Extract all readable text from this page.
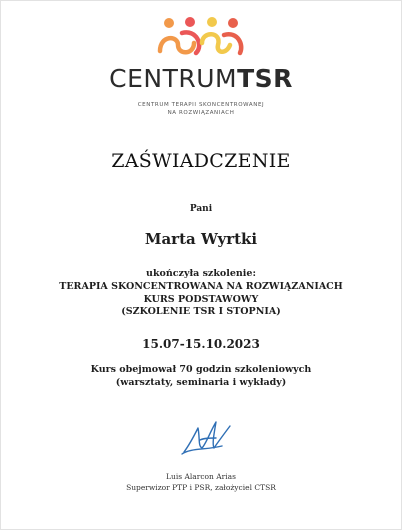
CENTRUMTSR
CENTRUM TERAPII SKONCENTROWANEJ
NA ROZWIĄZANIACH
ZAŚWIADCZENIE
Pani
Marta Wyrtki
ukończyła szkolenie:
TERAPIA SKONCENTROWANA NA ROZWIĄZANIACH
KURS PODSTAWOWY
(SZKOLENIE TSR I STOPNIA)
15.07-15.10.2023
Kurs obejmował 70 godzin szkoleniowych
(warsztaty, seminaria i wykłady)
Luis Alarcon Arias
Superwizor PTP i PSR, założyciel CTSR
